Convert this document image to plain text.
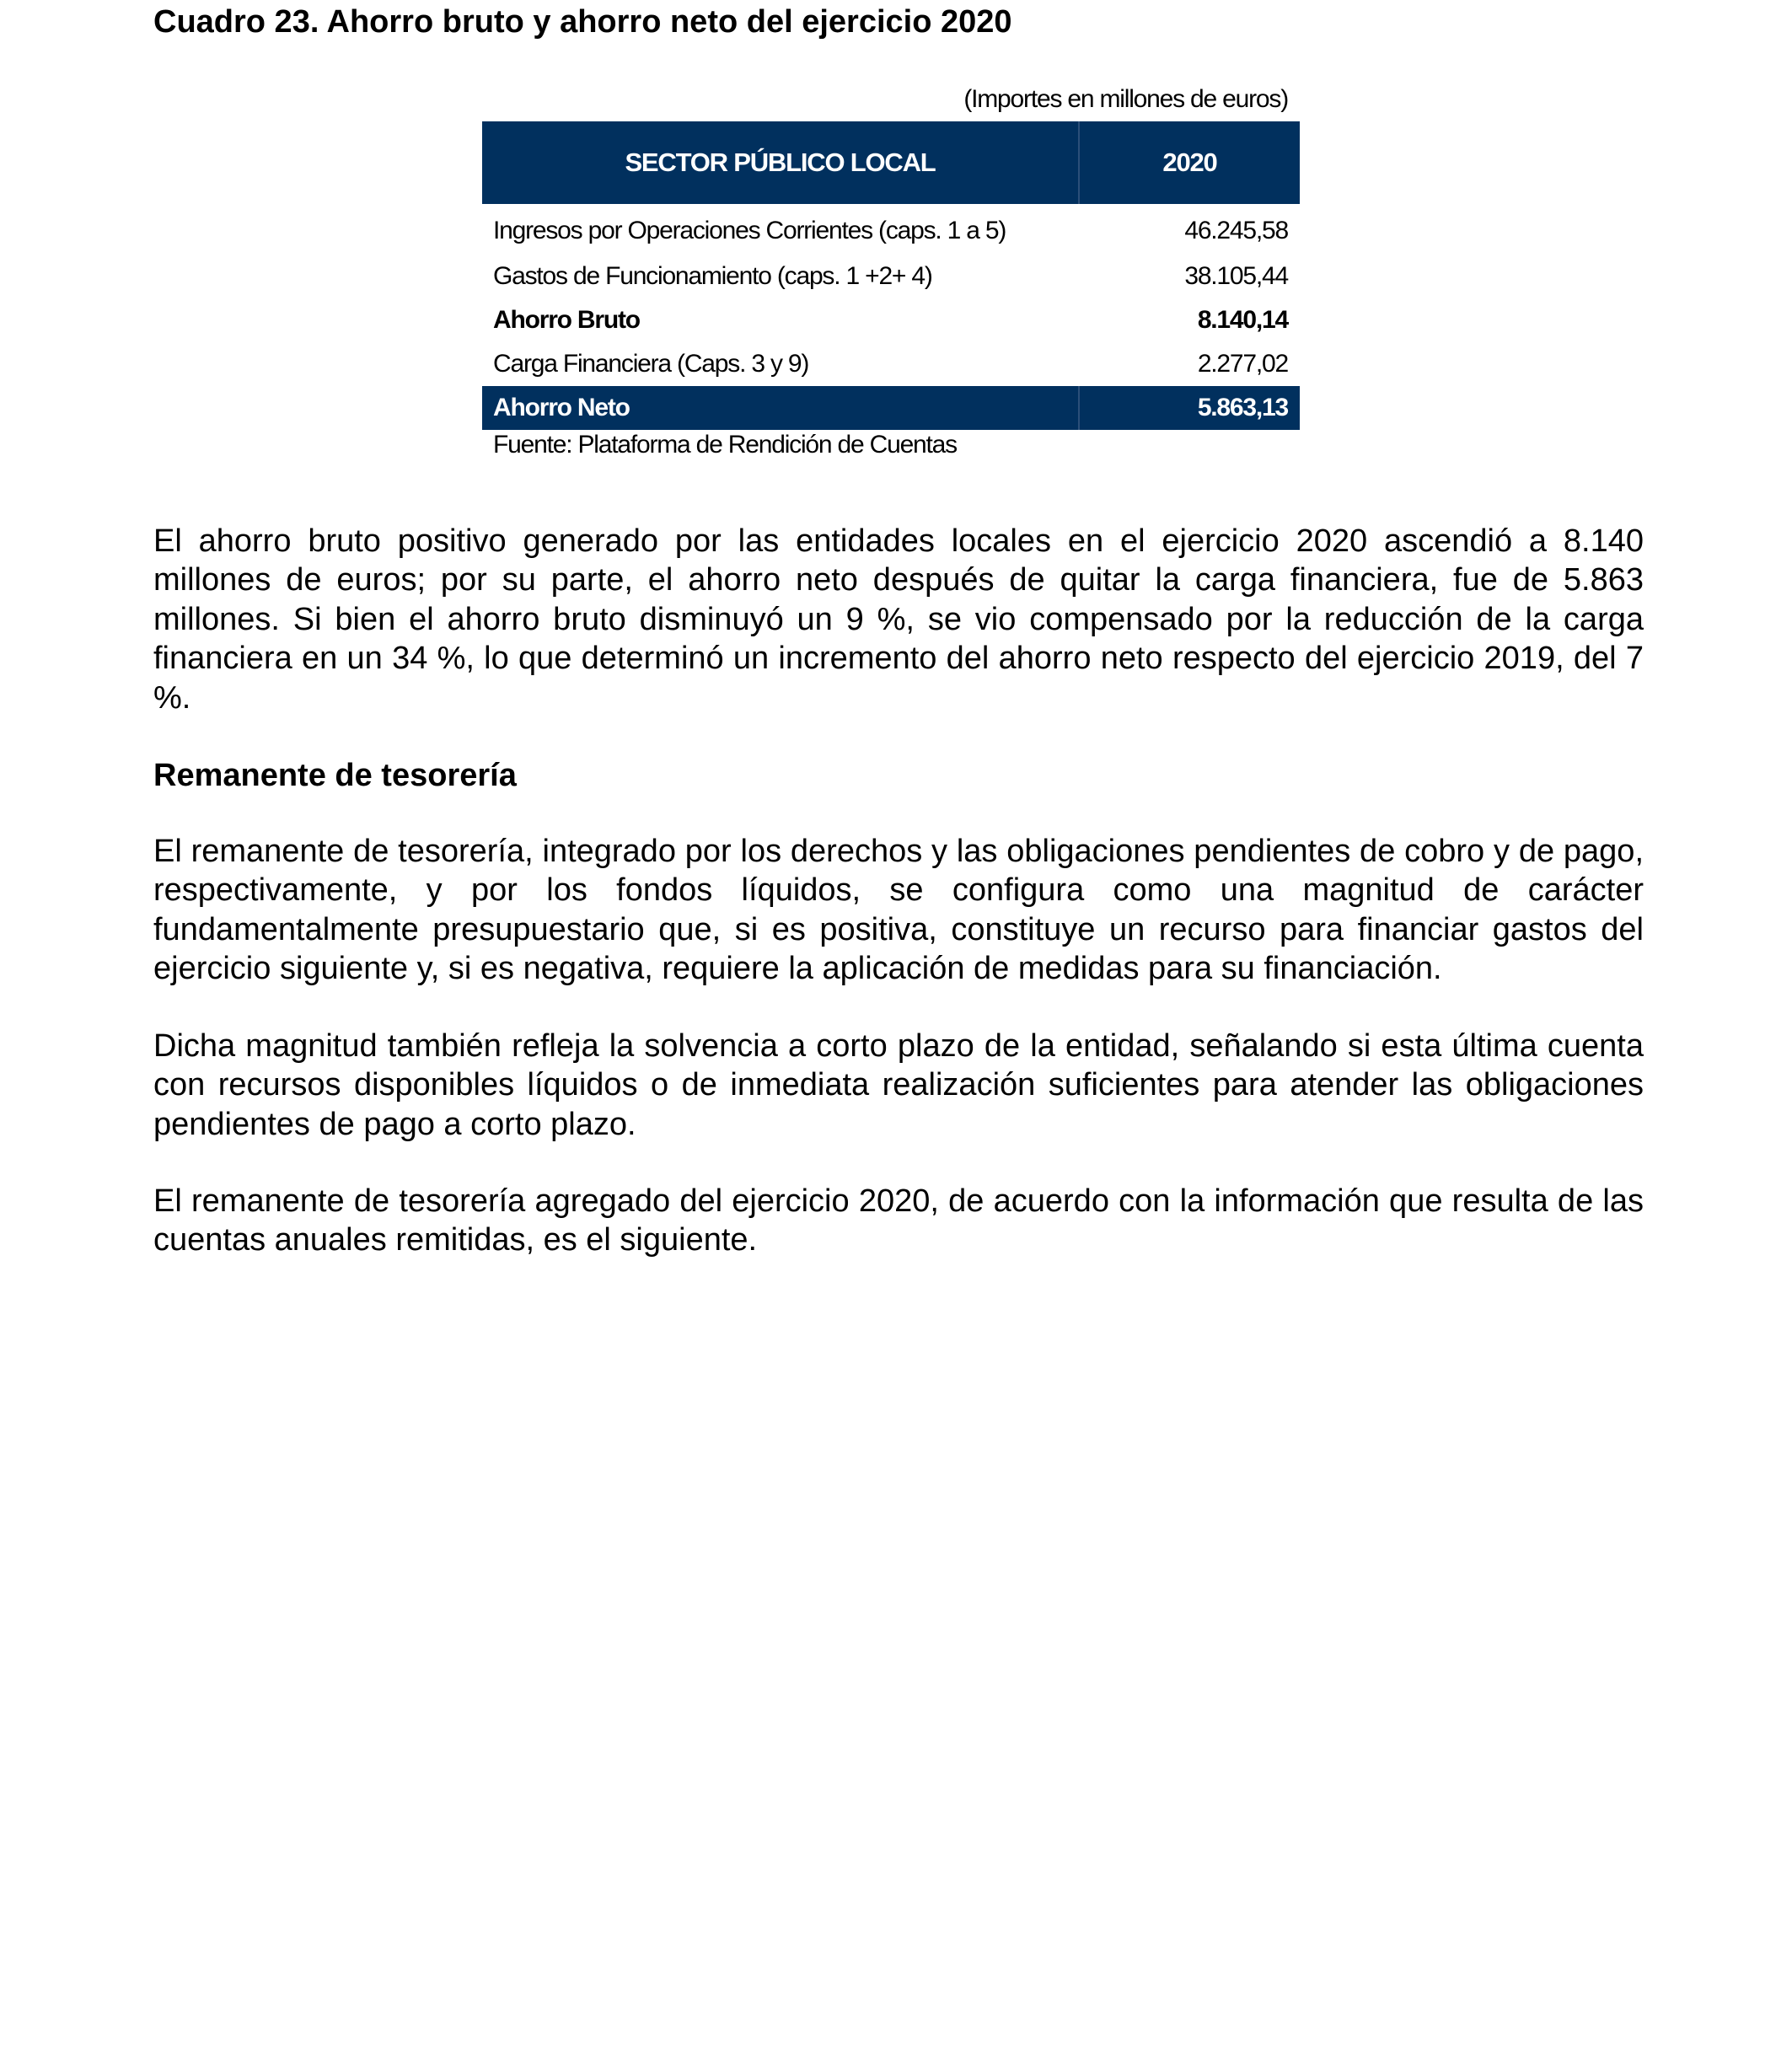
Cuadro 23. Ahorro bruto y ahorro neto del ejercicio 2020
(Importes en millones de euros)
SECTOR PÚBLICO LOCAL	2020
Ingresos por Operaciones Corrientes (caps. 1 a 5)	46.245,58
Gastos de Funcionamiento (caps. 1 +2+ 4)	38.105,44
Ahorro Bruto	8.140,14
Carga Financiera (Caps. 3 y 9)	2.277,02
Ahorro Neto	5.863,13
Fuente: Plataforma de Rendición de Cuentas

El ahorro bruto positivo generado por las entidades locales en el ejercicio 2020 ascendió a 8.140 millones de euros; por su parte, el ahorro neto después de quitar la carga financiera, fue de 5.863 millones. Si bien el ahorro bruto disminuyó un 9 %, se vio compensado por la reducción de la carga financiera en un 34 %, lo que determinó un incremento del ahorro neto respecto del ejercicio 2019, del 7 %.

Remanente de tesorería

El remanente de tesorería, integrado por los derechos y las obligaciones pendientes de cobro y de pago, respectivamente, y por los fondos líquidos, se configura como una magnitud de carácter fundamentalmente presupuestario que, si es positiva, constituye un recurso para financiar gastos del ejercicio siguiente y, si es negativa, requiere la aplicación de medidas para su financiación.

Dicha magnitud también refleja la solvencia a corto plazo de la entidad, señalando si esta última cuenta con recursos disponibles líquidos o de inmediata realización suficientes para atender las obligaciones pendientes de pago a corto plazo.

El remanente de tesorería agregado del ejercicio 2020, de acuerdo con la información que resulta de las cuentas anuales remitidas, es el siguiente.
